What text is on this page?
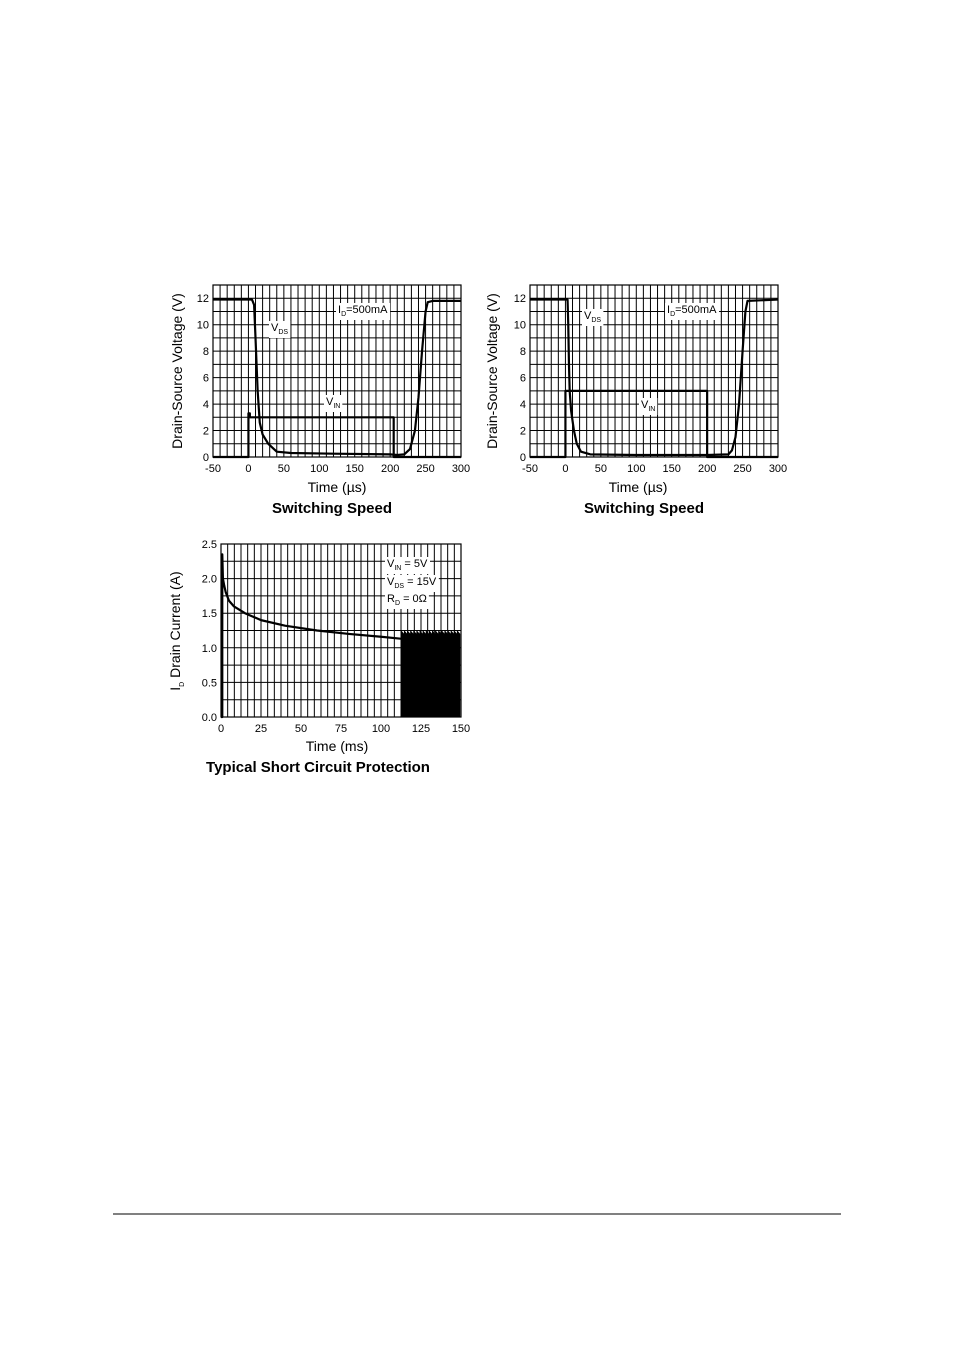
-50 0 50 100 150 200 250 300
0
2
4
6
8
10
12
Time (µs)
Drain-Source Voltage (V)
Switching Speed
$I_D=500mA$
$V_{DS}$
$V_{IN}$
-50 0 50 100 150 200 250 300
0
2
4
6
8
10
12
Time (µs)
Drain-Source Voltage (V)
Switching Speed
$I_D=500mA$
$V_{DS}$
$V_{IN}$
0	25	50	75 100 125 150
0.0
0.5
1.0
1.5
2.0
2.5
Time (ms)
$I_D$ Drain Current (A)
Typical Short Circuit Protection
$V_{IN} = 5V$
$V_{DS} = 15V$
$R_D = 0\Omega$
